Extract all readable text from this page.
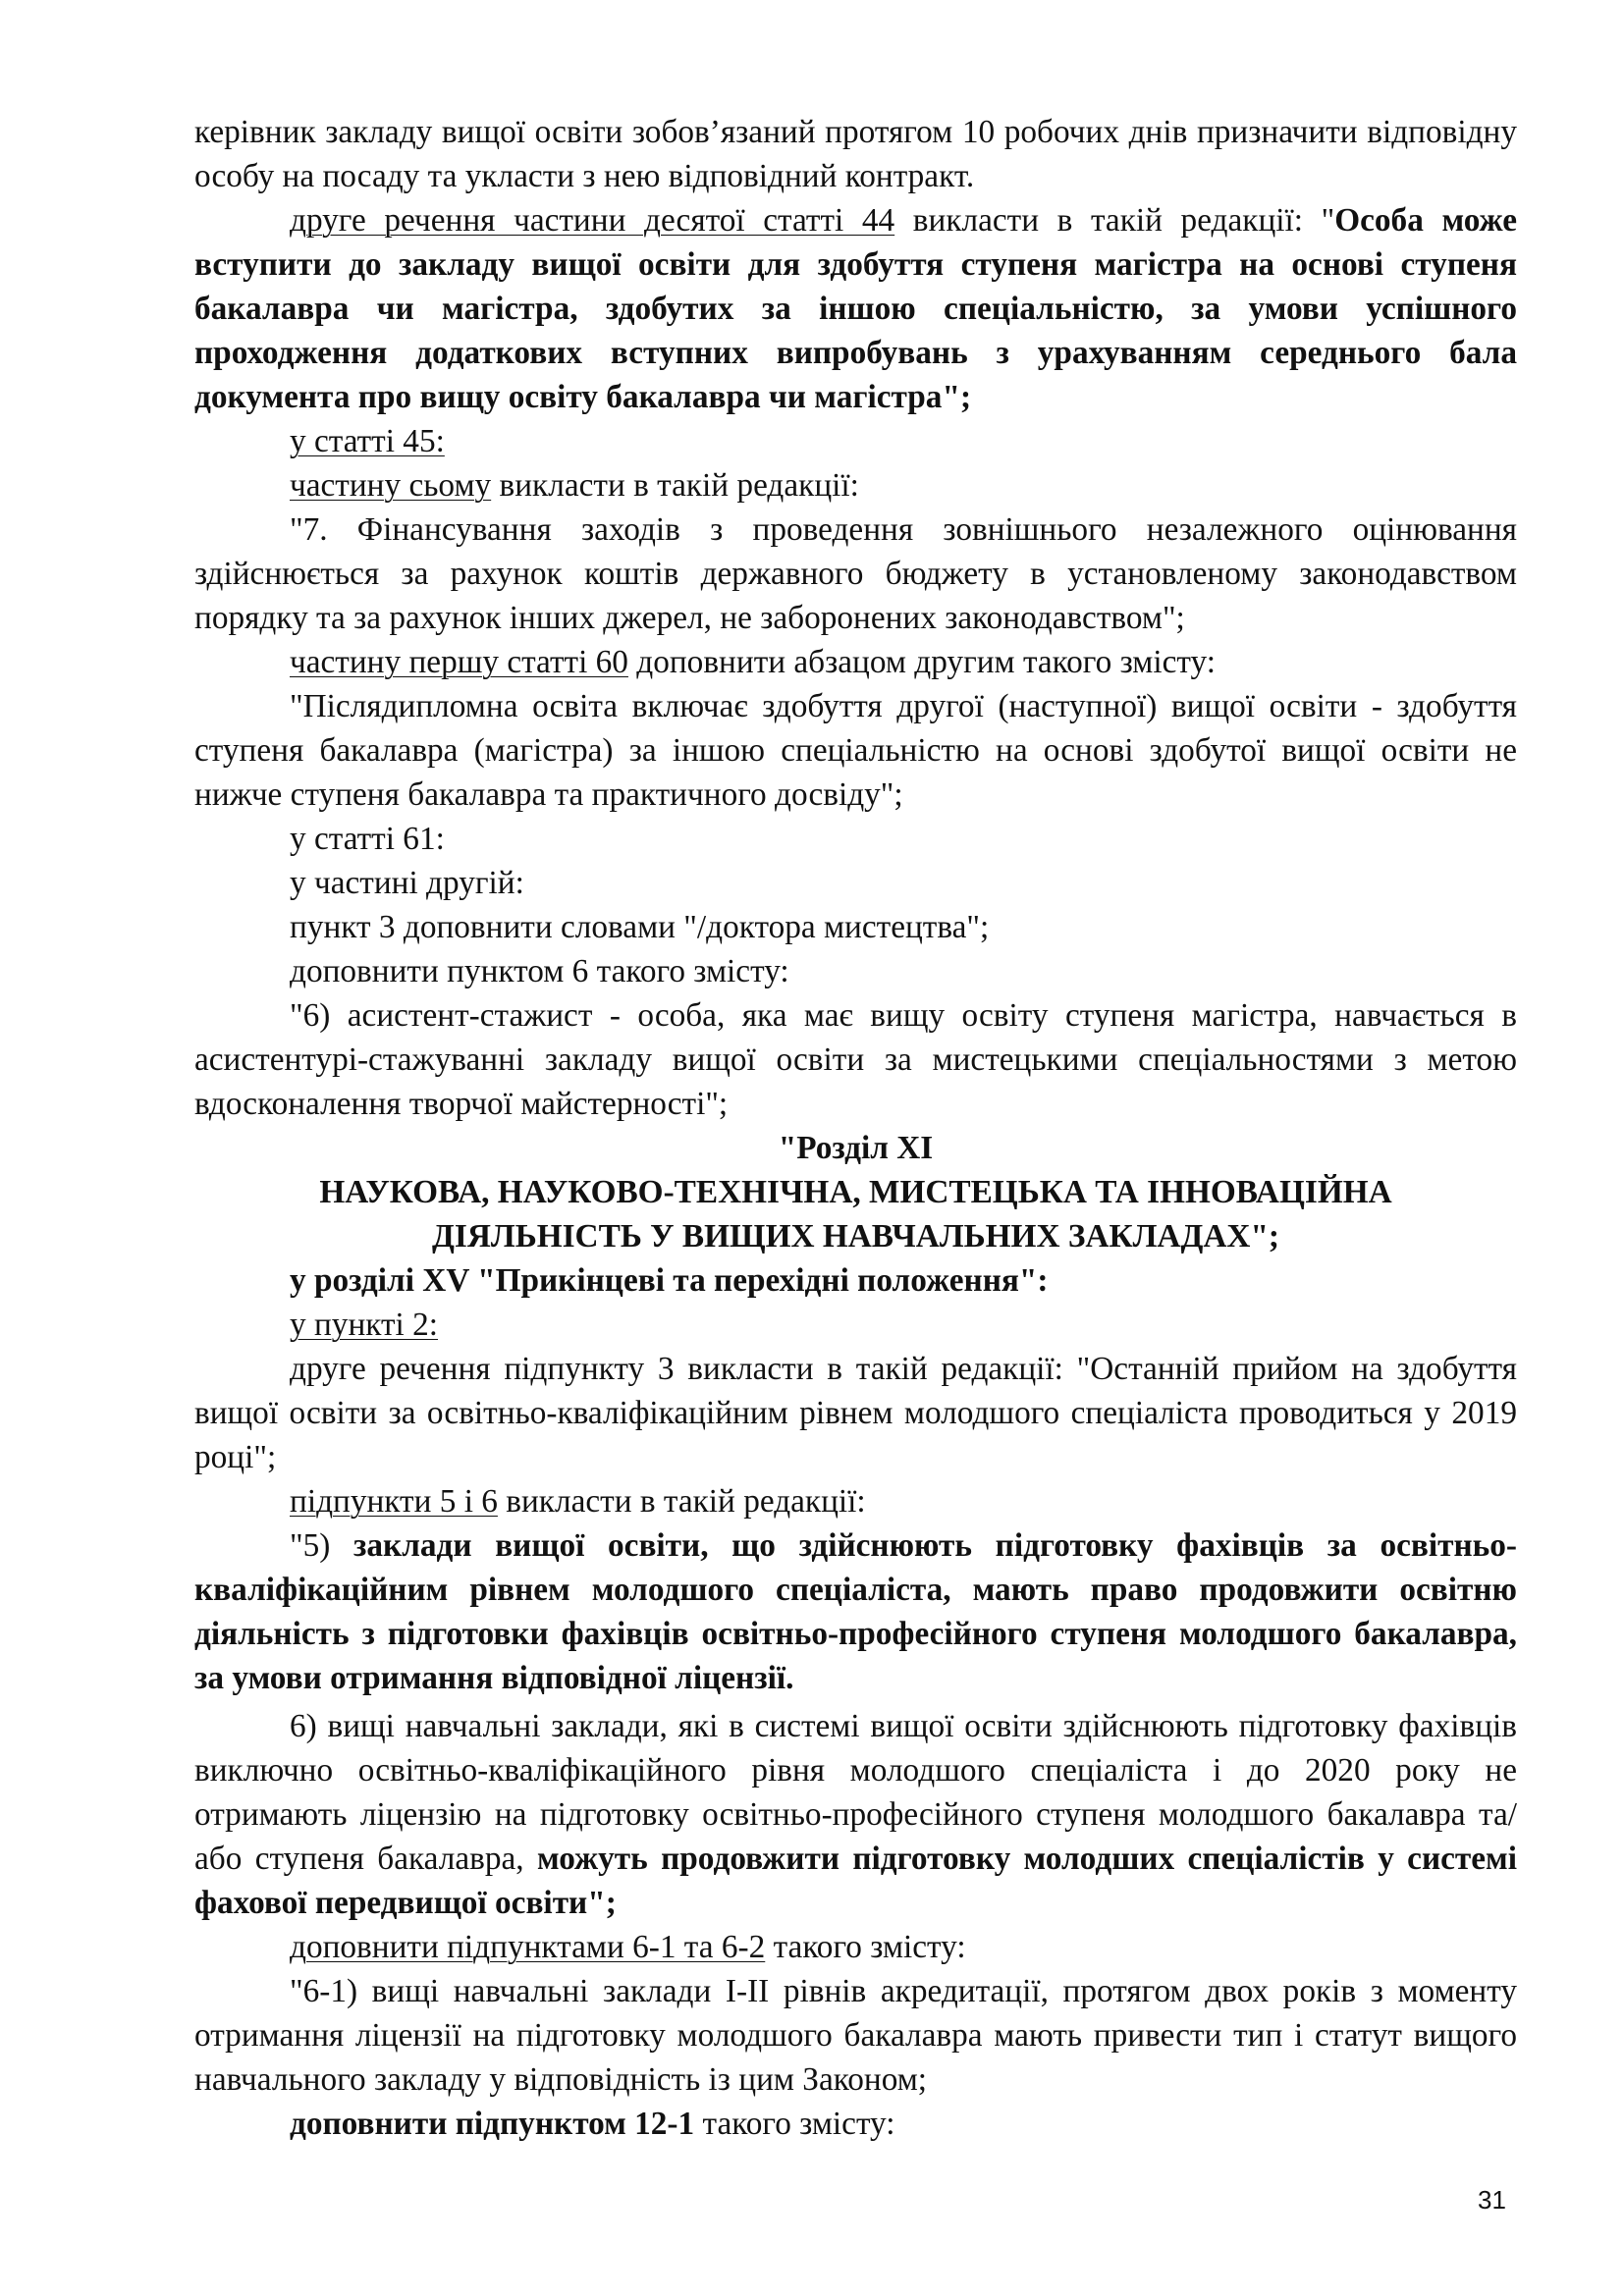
керівник закладу вищої освіти зобов’язаний протягом 10 робочих днів призначити відповідну особу на посаду та укласти з нею відповідний контракт.

друге речення частини десятої статті 44 викласти в такій редакції: "Особа може вступити до закладу вищої освіти для здобуття ступеня магістра на основі ступеня бакалавра чи магістра, здобутих за іншою спеціальністю, за умови успішного проходження додаткових вступних випробувань з урахуванням середнього бала документа про вищу освіту бакалавра чи магістра";

у статті 45:

частину сьому викласти в такій редакції:

"7. Фінансування заходів з проведення зовнішнього незалежного оцінювання здійснюється за рахунок коштів державного бюджету в установленому законодавством порядку та за рахунок інших джерел, не заборонених законодавством";

частину першу статті 60 доповнити абзацом другим такого змісту:

"Післядипломна освіта включає здобуття другої (наступної) вищої освіти - здобуття ступеня бакалавра (магістра) за іншою спеціальністю на основі здобутої вищої освіти не нижче ступеня бакалавра та практичного досвіду";

у статті 61:

у частині другій:

пункт 3 доповнити словами "/доктора мистецтва";

доповнити пунктом 6 такого змісту:

"6) асистент-стажист - особа, яка має вищу освіту ступеня магістра, навчається в асистентурі-стажуванні закладу вищої освіти за мистецькими спеціальностями з метою вдосконалення творчої майстерності";

"Розділ XI

НАУКОВА, НАУКОВО-ТЕХНІЧНА, МИСТЕЦЬКА ТА ІННОВАЦІЙНА

ДІЯЛЬНІСТЬ У ВИЩИХ НАВЧАЛЬНИХ ЗАКЛАДАХ";

у розділі XV "Прикінцеві та перехідні положення":

у пункті 2:

друге речення підпункту 3 викласти в такій редакції: "Останній прийом на здобуття вищої освіти за освітньо-кваліфікаційним рівнем молодшого спеціаліста проводиться у 2019 році";

підпункти 5 і 6 викласти в такій редакції:

"5) заклади вищої освіти, що здійснюють підготовку фахівців за освітньо-кваліфікаційним рівнем молодшого спеціаліста, мають право продовжити освітню діяльність з підготовки фахівців освітньо-професійного ступеня молодшого бакалавра, за умови отримання відповідної ліцензії.

6) вищі навчальні заклади, які в системі вищої освіти здійснюють підготовку фахівців виключно освітньо-кваліфікаційного рівня молодшого спеціаліста і до 2020 року не отримають ліцензію на підготовку освітньо-професійного ступеня молодшого бакалавра та/або ступеня бакалавра, можуть продовжити підготовку молодших спеціалістів у системі фахової передвищої освіти";

доповнити підпунктами 6-1 та 6-2 такого змісту:

"6-1) вищі навчальні заклади І-ІІ рівнів акредитації, протягом двох років з моменту отримання ліцензії на підготовку молодшого бакалавра мають привести тип і статут вищого навчального закладу у відповідність із цим Законом;

доповнити підпунктом 12-1 такого змісту:

31
